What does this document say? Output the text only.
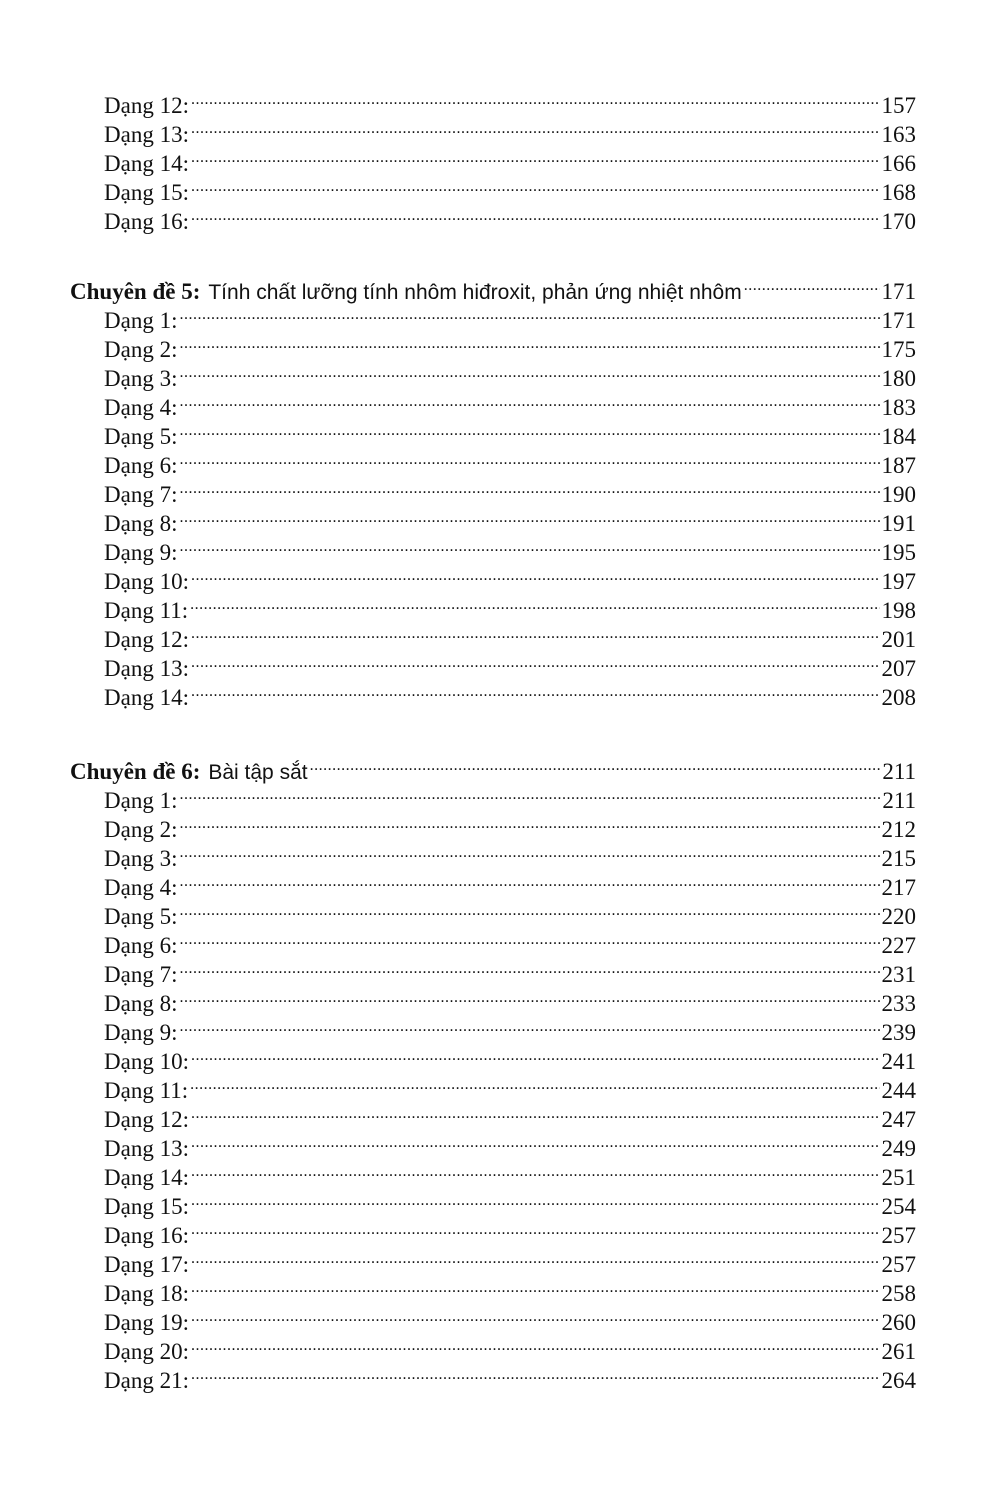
Dạng 12: .....	157
Dạng 13: .....	163
Dạng 14: .....	166
Dạng 15: .....	168
Dạng 16: .....	170
Chuyên đề 5: Tính chất lưỡng tính nhôm hiđroxit, phản ứng nhiệt nhôm .....	171
Dạng 1: .....	171
Dạng 2: .....	175
Dạng 3: .....	180
Dạng 4: .....	183
Dạng 5: .....	184
Dạng 6: .....	187
Dạng 7: .....	190
Dạng 8: .....	191
Dạng 9: .....	195
Dạng 10: .....	197
Dạng 11: .....	198
Dạng 12: .....	201
Dạng 13: .....	207
Dạng 14: .....	208
Chuyên đề 6: Bài tập sắt .....	211
Dạng 1: .....	211
Dạng 2: .....	212
Dạng 3: .....	215
Dạng 4: .....	217
Dạng 5: .....	220
Dạng 6: .....	227
Dạng 7: .....	231
Dạng 8: .....	233
Dạng 9: .....	239
Dạng 10: .....	241
Dạng 11: .....	244
Dạng 12: .....	247
Dạng 13: .....	249
Dạng 14: .....	251
Dạng 15: .....	254
Dạng 16: .....	257
Dạng 17: .....	257
Dạng 18: .....	258
Dạng 19: .....	260
Dạng 20: .....	261
Dạng 21: .....	264
